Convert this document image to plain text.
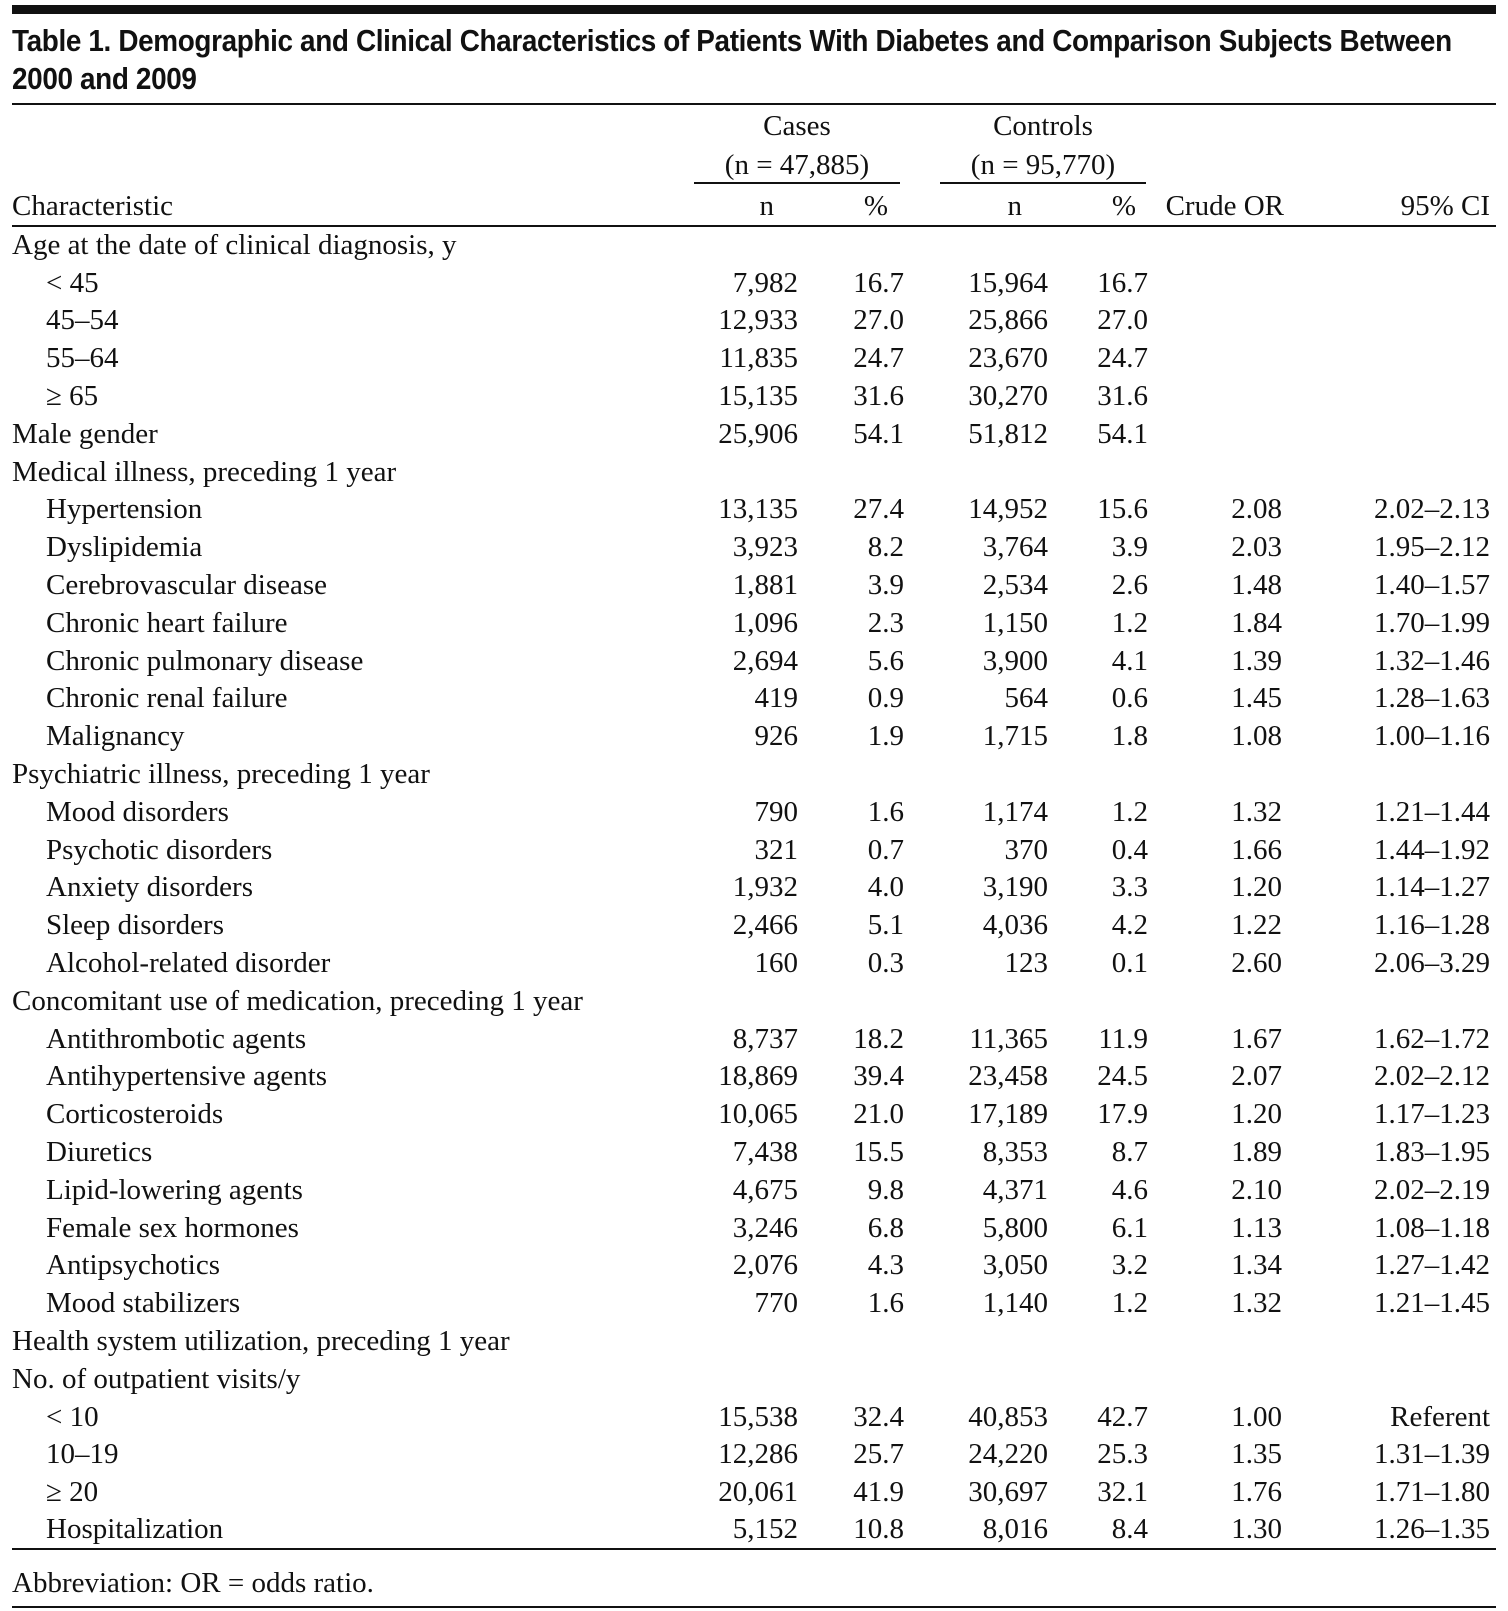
Table 1. Demographic and Clinical Characteristics of Patients With Diabetes and Comparison Subjects Between 2000 and 2009
	Cases		Controls			
	(n = 47,885)		(n = 95,770)			
Characteristic	n	%	n	%	Crude OR	95% CI
Age at the date of clinical diagnosis, y						
< 45	7,982	16.7	15,964	16.7		
45–54	12,933	27.0	25,866	27.0		
55–64	11,835	24.7	23,670	24.7		
≥ 65	15,135	31.6	30,270	31.6		
Male gender	25,906	54.1	51,812	54.1		
Medical illness, preceding 1 year						
Hypertension	13,135	27.4	14,952	15.6	2.08	2.02–2.13
Dyslipidemia	3,923	8.2	3,764	3.9	2.03	1.95–2.12
Cerebrovascular disease	1,881	3.9	2,534	2.6	1.48	1.40–1.57
Chronic heart failure	1,096	2.3	1,150	1.2	1.84	1.70–1.99
Chronic pulmonary disease	2,694	5.6	3,900	4.1	1.39	1.32–1.46
Chronic renal failure	419	0.9	564	0.6	1.45	1.28–1.63
Malignancy	926	1.9	1,715	1.8	1.08	1.00–1.16
Psychiatric illness, preceding 1 year						
Mood disorders	790	1.6	1,174	1.2	1.32	1.21–1.44
Psychotic disorders	321	0.7	370	0.4	1.66	1.44–1.92
Anxiety disorders	1,932	4.0	3,190	3.3	1.20	1.14–1.27
Sleep disorders	2,466	5.1	4,036	4.2	1.22	1.16–1.28
Alcohol-related disorder	160	0.3	123	0.1	2.60	2.06–3.29
Concomitant use of medication, preceding 1 year						
Antithrombotic agents	8,737	18.2	11,365	11.9	1.67	1.62–1.72
Antihypertensive agents	18,869	39.4	23,458	24.5	2.07	2.02–2.12
Corticosteroids	10,065	21.0	17,189	17.9	1.20	1.17–1.23
Diuretics	7,438	15.5	8,353	8.7	1.89	1.83–1.95
Lipid-lowering agents	4,675	9.8	4,371	4.6	2.10	2.02–2.19
Female sex hormones	3,246	6.8	5,800	6.1	1.13	1.08–1.18
Antipsychotics	2,076	4.3	3,050	3.2	1.34	1.27–1.42
Mood stabilizers	770	1.6	1,140	1.2	1.32	1.21–1.45
Health system utilization, preceding 1 year						
No. of outpatient visits/y						
< 10	15,538	32.4	40,853	42.7	1.00	Referent
10–19	12,286	25.7	24,220	25.3	1.35	1.31–1.39
≥ 20	20,061	41.9	30,697	32.1	1.76	1.71–1.80
Hospitalization	5,152	10.8	8,016	8.4	1.30	1.26–1.35
Abbreviation: OR = odds ratio.
